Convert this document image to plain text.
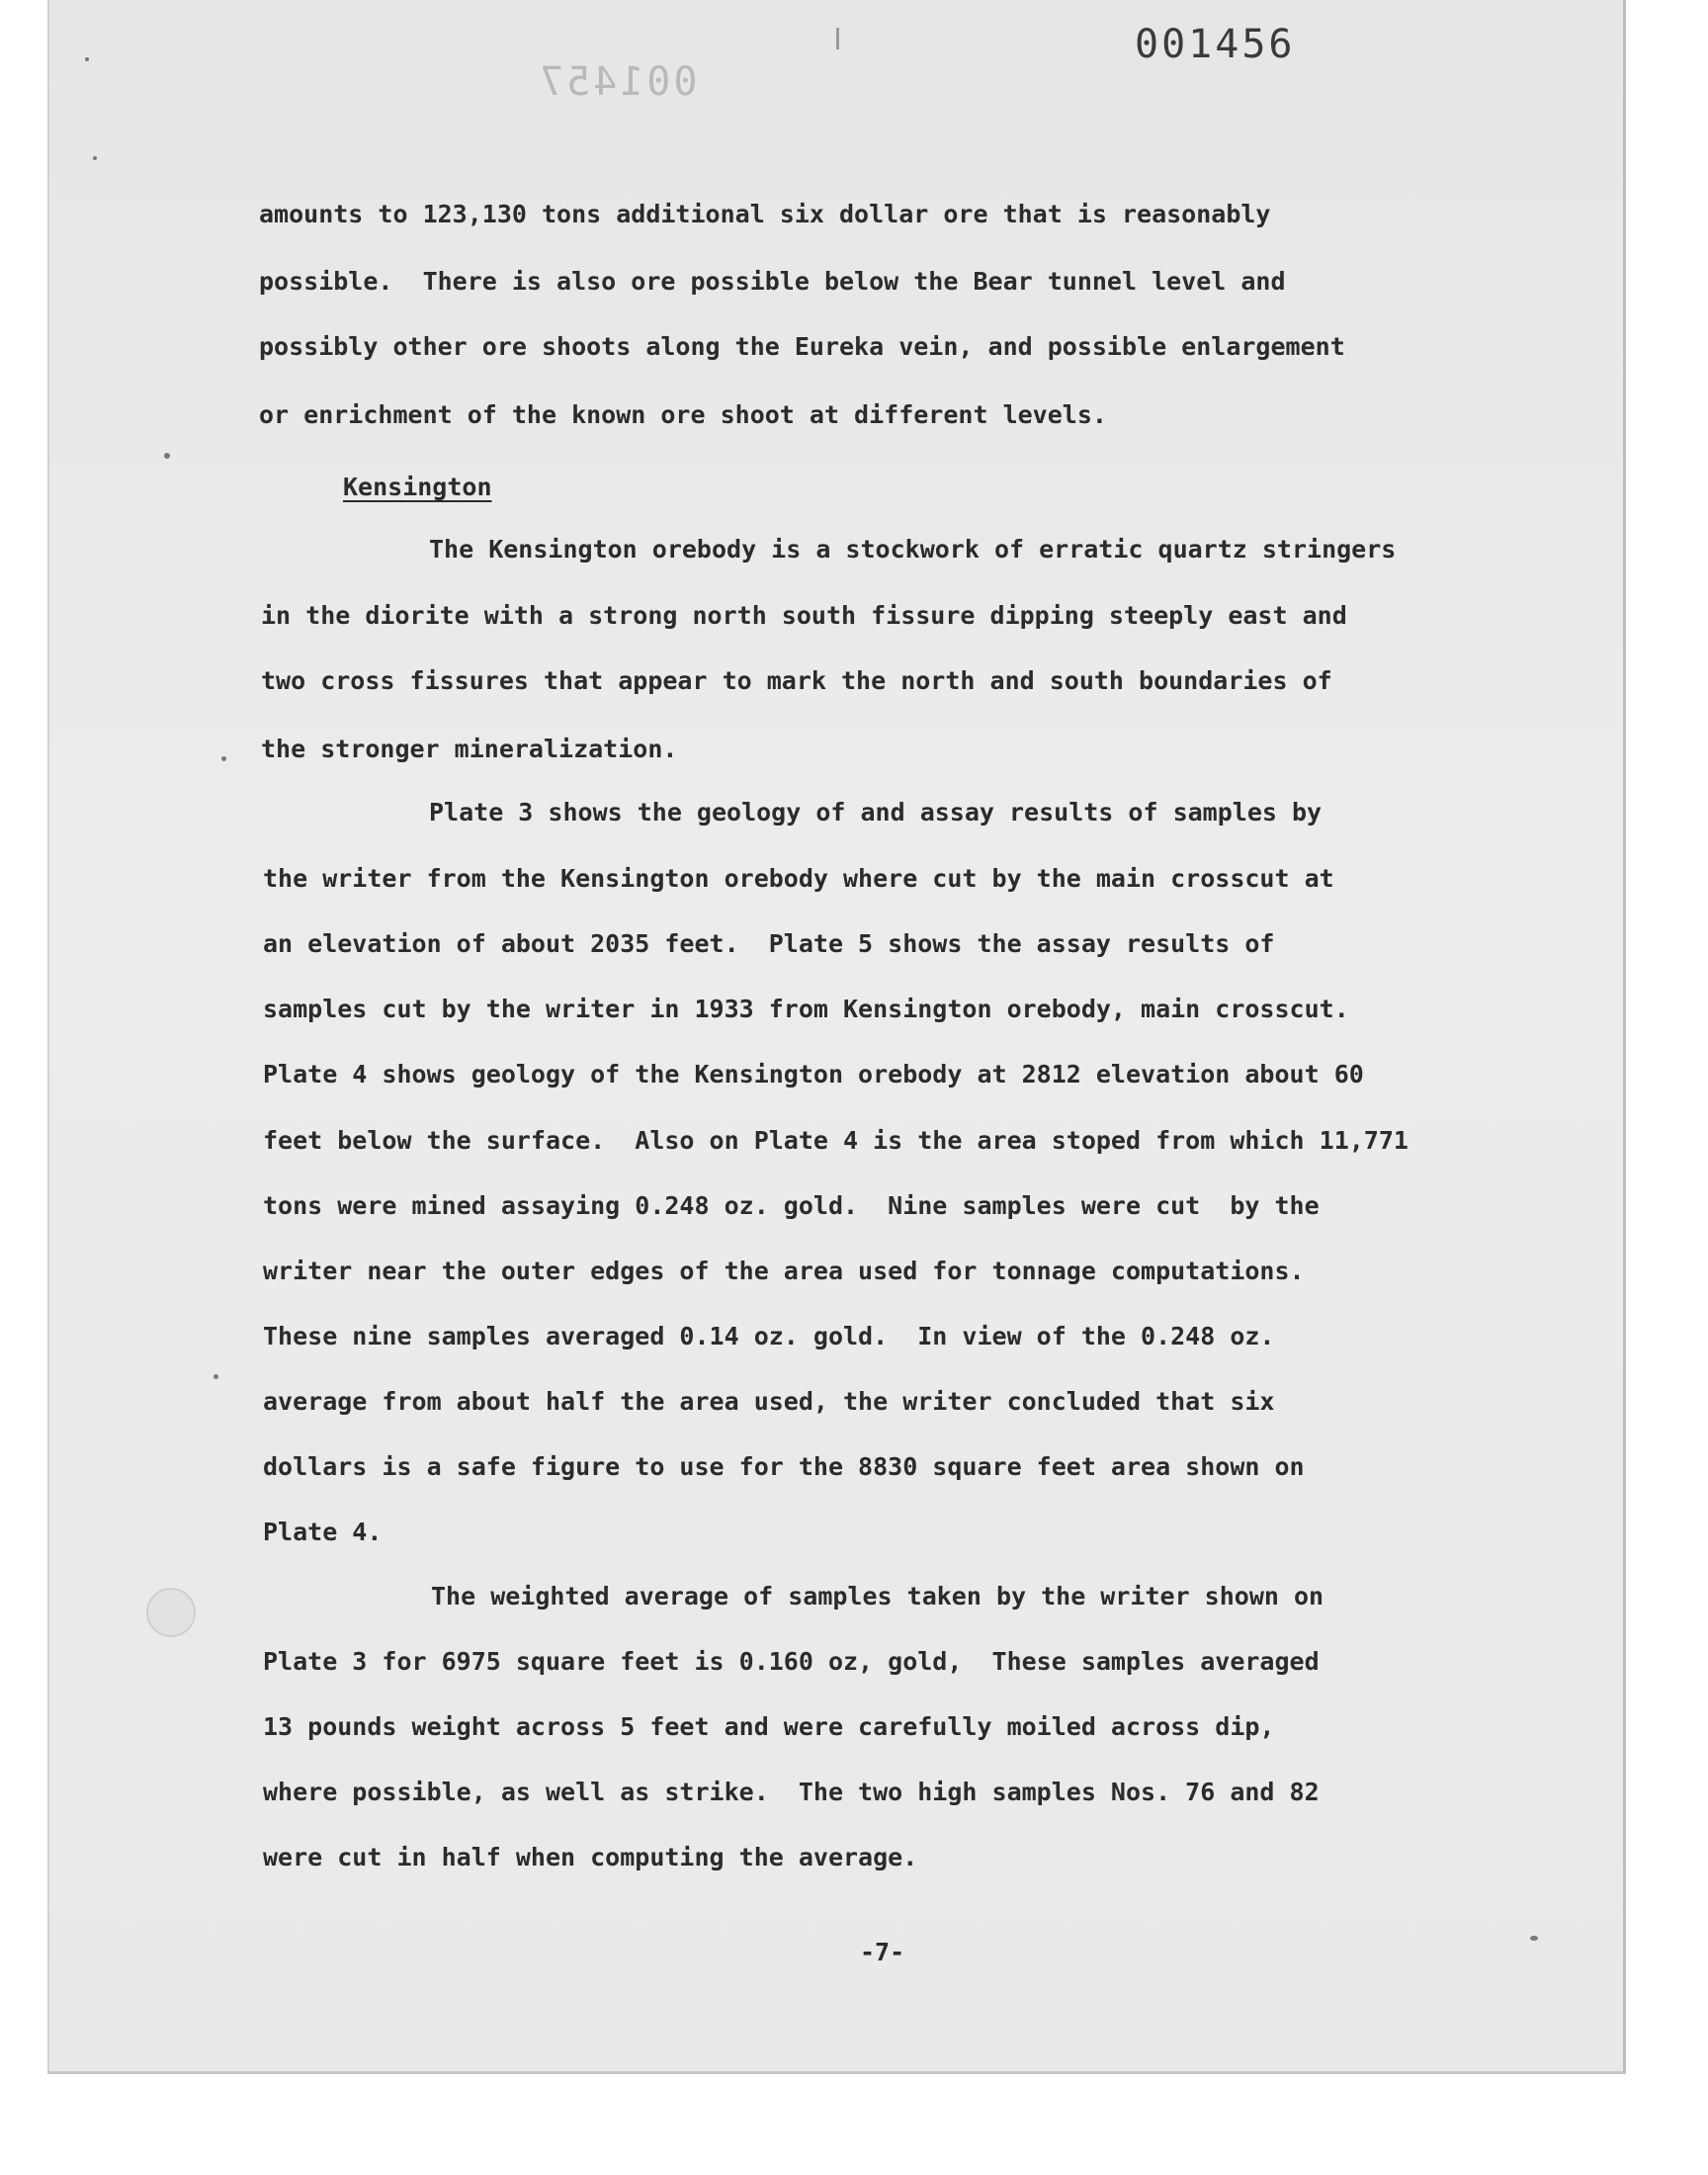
001456
001457
amounts to 123,130 tons additional six dollar ore that is reasonably
possible.  There is also ore possible below the Bear tunnel level and
possibly other ore shoots along the Eureka vein, and possible enlargement
or enrichment of the known ore shoot at different levels.
Kensington
The Kensington orebody is a stockwork of erratic quartz stringers
in the diorite with a strong north south fissure dipping steeply east and
two cross fissures that appear to mark the north and south boundaries of
the stronger mineralization.
Plate 3 shows the geology of and assay results of samples by
the writer from the Kensington orebody where cut by the main crosscut at
an elevation of about 2035 feet.  Plate 5 shows the assay results of
samples cut by the writer in 1933 from Kensington orebody, main crosscut.
Plate 4 shows geology of the Kensington orebody at 2812 elevation about 60
feet below the surface.  Also on Plate 4 is the area stoped from which 11,771
tons were mined assaying 0.248 oz. gold.  Nine samples were cut  by the
writer near the outer edges of the area used for tonnage computations.
These nine samples averaged 0.14 oz. gold.  In view of the 0.248 oz.
average from about half the area used, the writer concluded that six
dollars is a safe figure to use for the 8830 square feet area shown on
Plate 4.
The weighted average of samples taken by the writer shown on
Plate 3 for 6975 square feet is 0.160 oz, gold,  These samples averaged
13 pounds weight across 5 feet and were carefully moiled across dip,
where possible, as well as strike.  The two high samples Nos. 76 and 82
were cut in half when computing the average.
-7-
